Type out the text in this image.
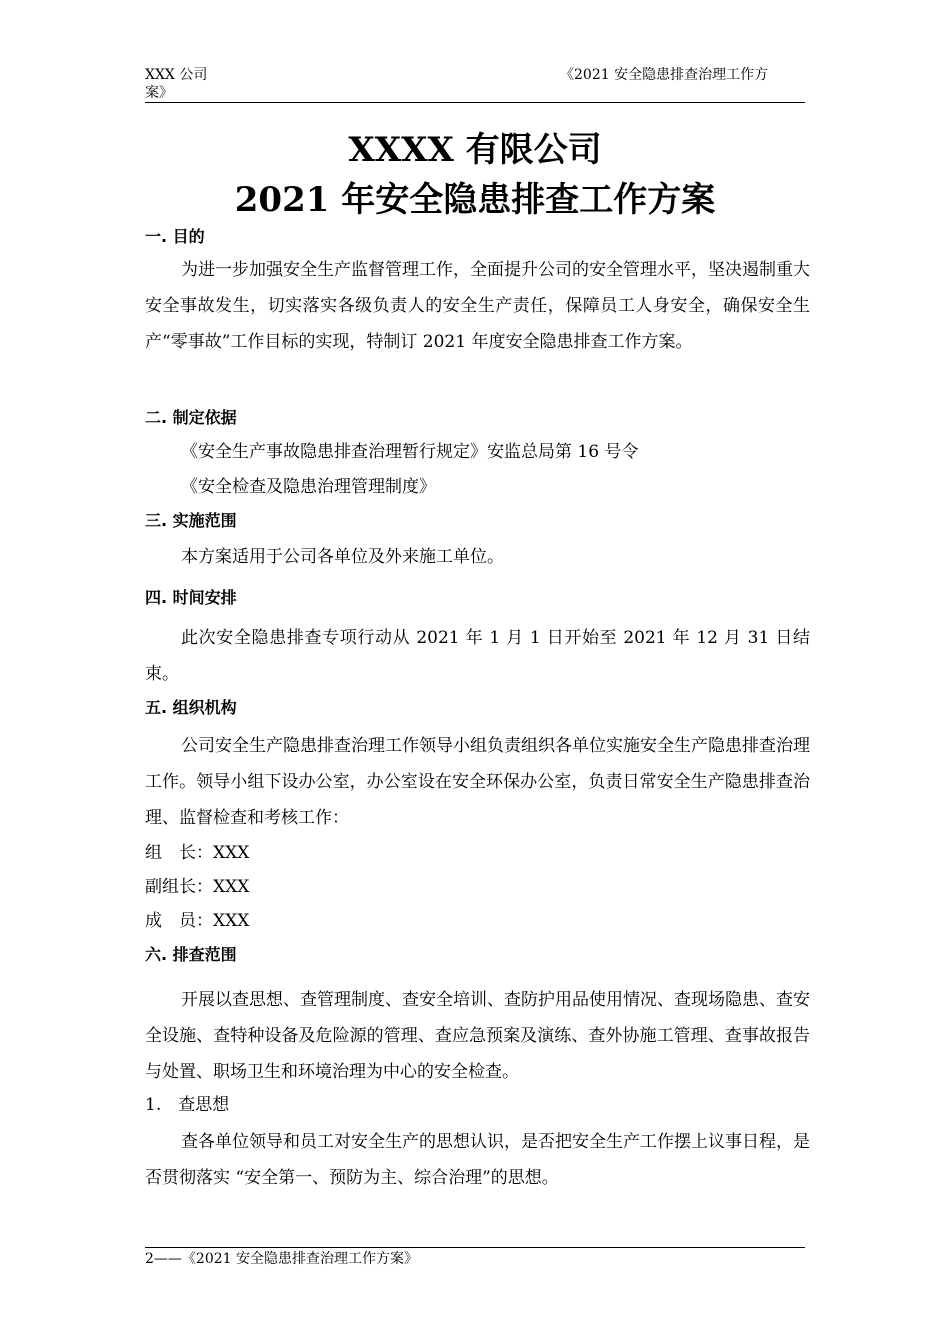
XXX 公司案》
《2021 安全隐患排查治理工作方
XXXX 有限公司
2021 年安全隐患排查工作方案
一. 目的
为进一步加强安全生产监督管理工作，全面提升公司的安全管理水平，坚决遏制重大安全事故发生，切实落实各级负责人的安全生产责任，保障员工人身安全，确保安全生产“零事故”工作目标的实现，特制订 2021 年度安全隐患排查工作方案。
二. 制定依据
《安全生产事故隐患排查治理暂行规定》安监总局第 16 号令
《安全检查及隐患治理管理制度》
三. 实施范围
本方案适用于公司各单位及外来施工单位。
四. 时间安排
此次安全隐患排查专项行动从 2021 年 1 月 1 日开始至 2021 年 12 月 31 日结束。
五. 组织机构
公司安全生产隐患排查治理工作领导小组负责组织各单位实施安全生产隐患排查治理工作。领导小组下设办公室，办公室设在安全环保办公室，负责日常安全生产隐患排查治理、监督检查和考核工作：
组　长：XXX
副组长：XXX
成　员：XXX
六. 排查范围
开展以查思想、查管理制度、查安全培训、查防护用品使用情况、查现场隐患、查安全设施、查特种设备及危险源的管理、查应急预案及演练、查外协施工管理、查事故报告与处置、职场卫生和环境治理为中心的安全检查。
1.　查思想
查各单位领导和员工对安全生产的思想认识，是否把安全生产工作摆上议事日程，是否贯彻落实 “安全第一、预防为主、综合治理”的思想。
2——《2021 安全隐患排查治理工作方案》
